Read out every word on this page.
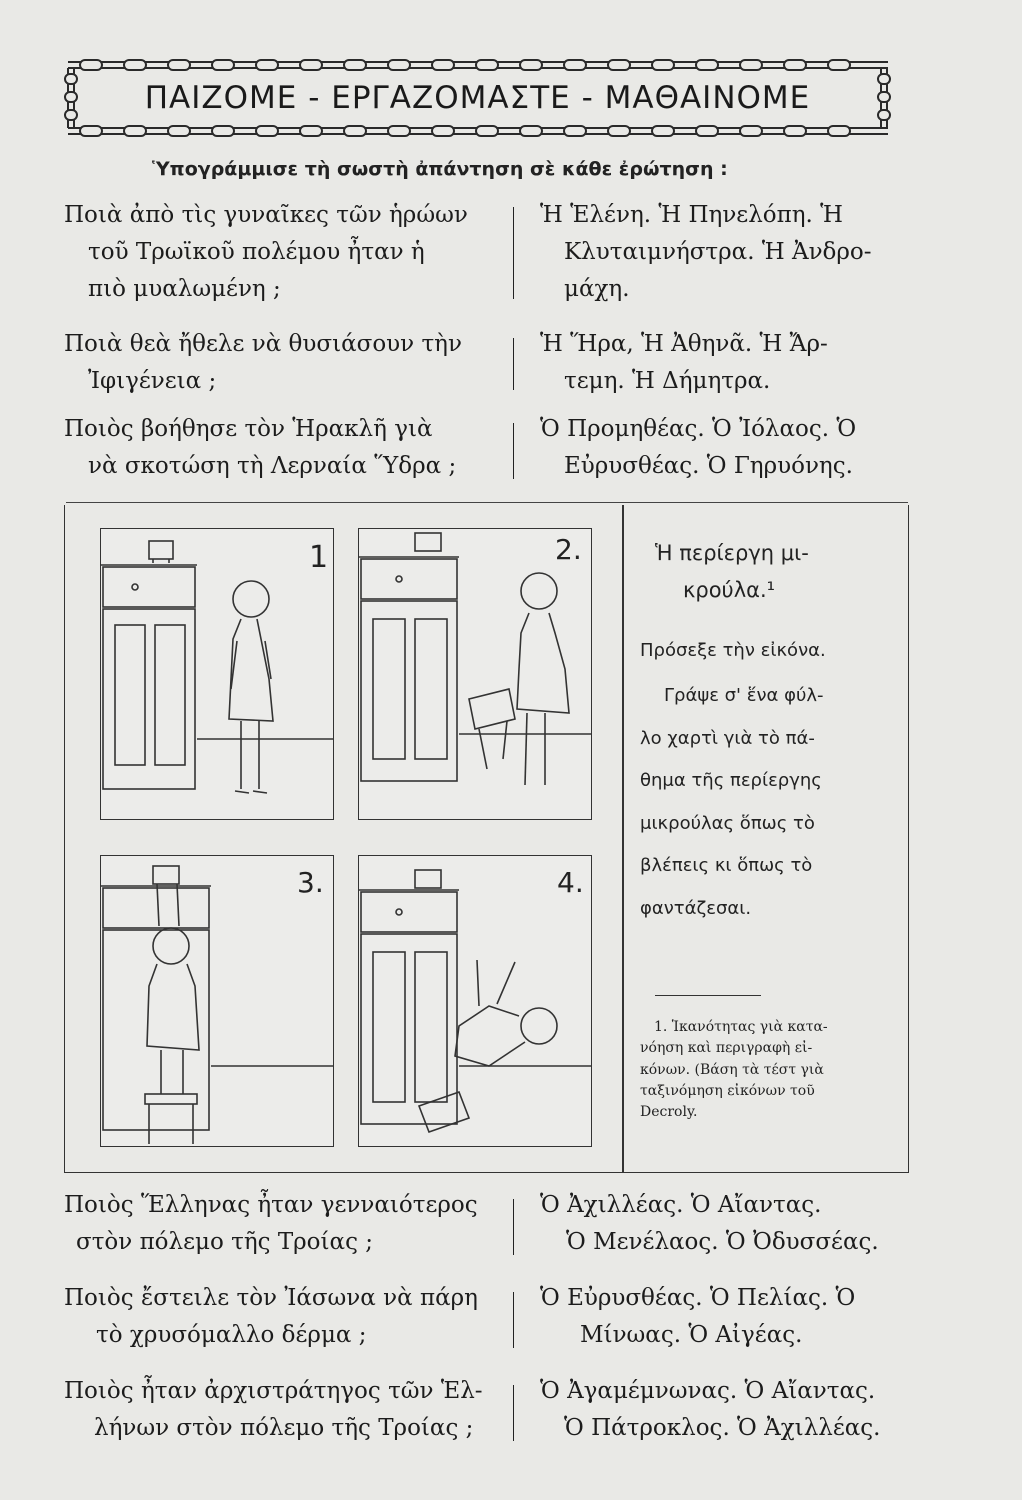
ΠΑΙΖΟΜΕ - ΕΡΓΑΖΟΜΑΣΤΕ - ΜΑΘΑΙΝΟΜΕ
Ὑπογράμμισε τὴ σωστὴ ἀπάντηση σὲ κάθε ἐρώτηση :
Ποιὰ ἀπὸ τὶς γυναῖκες τῶν ἡρώων
τοῦ Τρωϊκοῦ πολέμου ἦταν ἡ
πιὸ μυαλωμένη ;
Ἡ Ἑλένη. Ἡ Πηνελόπη. Ἡ
Κλυταιμνήστρα. Ἡ Ἀνδρο-
μάχη.
Ποιὰ θεὰ ἤθελε νὰ θυσιάσουν τὴν
Ἰφιγένεια ;
Ἡ Ἥρα, Ἡ Ἀθηνᾶ. Ἡ Ἄρ-
τεμη. Ἡ Δήμητρα.
Ποιὸς βοήθησε τὸν Ἡρακλῆ γιὰ
νὰ σκοτώση τὴ Λερναία Ὕδρα ;
Ὁ Προμηθέας. Ὁ Ἰόλαος. Ὁ
Εὐρυσθέας. Ὁ Γηρυόνης.
1	2.
3.	4.
Ἡ περίεργη μι-
κρούλα.¹
Πρόσεξε τὴν εἰκόνα.
Γράψε σ' ἕνα φύλ-
λο χαρτὶ γιὰ τὸ πά-
θημα τῆς περίεργης
μικρούλας ὅπως τὸ
βλέπεις κι ὅπως τὸ
φαντάζεσαι.
1. Ἱκανότητας γιὰ κατα-
νόηση καὶ περιγραφὴ εἰ-
κόνων. (Βάση τὰ τέστ γιὰ
ταξινόμηση εἰκόνων τοῦ
Decroly.
Ποιὸς Ἕλληνας ἦταν γενναιότερος
στὸν πόλεμο τῆς Τροίας ;
Ὁ Ἀχιλλέας. Ὁ Αἴαντας.
Ὁ Μενέλαος. Ὁ Ὀδυσσέας.
Ποιὸς ἔστειλε τὸν Ἰάσωνα νὰ πάρη
τὸ χρυσόμαλλο δέρμα ;
Ὁ Εὐρυσθέας. Ὁ Πελίας. Ὁ
Μίνωας. Ὁ Αἰγέας.
Ποιὸς ἦταν ἀρχιστράτηγος τῶν Ἑλ-
λήνων στὸν πόλεμο τῆς Τροίας ;
Ὁ Ἀγαμέμνωνας. Ὁ Αἴαντας.
Ὁ Πάτροκλος. Ὁ Ἀχιλλέας.
